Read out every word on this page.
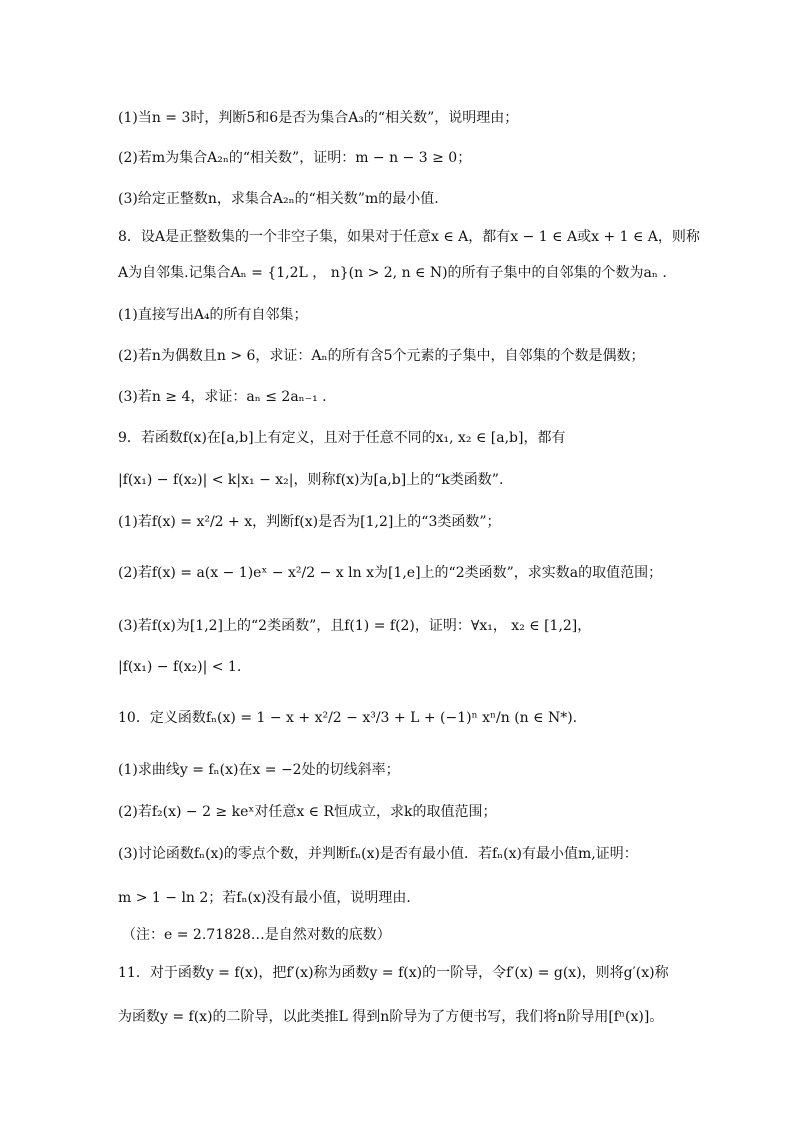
(1)当n = 3时，判断5和6是否为集合A₃的“相关数”，说明理由；
(2)若m为集合A₂ₙ的“相关数”，证明：m − n − 3 ≥ 0；
(3)给定正整数n，求集合A₂ₙ的“相关数”m的最小值.
8．设A是正整数集的一个非空子集，如果对于任意x ∈ A，都有x − 1 ∈ A或x + 1 ∈ A，则称
A为自邻集.记集合Aₙ = {1,2L ， n}(n > 2, n ∈ N)的所有子集中的自邻集的个数为aₙ .
(1)直接写出A₄的所有自邻集；
(2)若n为偶数且n > 6，求证：Aₙ的所有含5个元素的子集中，自邻集的个数是偶数；
(3)若n ≥ 4，求证：aₙ ≤ 2aₙ₋₁ .
9．若函数f(x)在[a,b]上有定义，且对于任意不同的x₁, x₂ ∈ [a,b]，都有
|f(x₁) − f(x₂)| < k|x₁ − x₂|，则称f(x)为[a,b]上的“k类函数”.
(1)若f(x) = x²/2 + x，判断f(x)是否为[1,2]上的“3类函数”；
(2)若f(x) = a(x − 1)eˣ − x²/2 − x ln x为[1,e]上的“2类函数”，求实数a的取值范围；
(3)若f(x)为[1,2]上的“2类函数”，且f(1) = f(2)，证明：∀x₁， x₂ ∈ [1,2]，
|f(x₁) − f(x₂)| < 1.
10．定义函数fₙ(x) = 1 − x + x²/2 − x³/3 + L + (−1)ⁿ xⁿ/n (n ∈ N*).
(1)求曲线y = fₙ(x)在x = −2处的切线斜率；
(2)若f₂(x) − 2 ≥ keˣ对任意x ∈ R恒成立，求k的取值范围；
(3)讨论函数fₙ(x)的零点个数，并判断fₙ(x)是否有最小值．若fₙ(x)有最小值m,证明：
m > 1 − ln 2；若fₙ(x)没有最小值，说明理由．
（注：e = 2.71828…是自然对数的底数）
11．对于函数y = f(x)，把f′(x)称为函数y = f(x)的一阶导，令f′(x) = g(x)，则将g′(x)称
为函数y = f(x)的二阶导，以此类推L 得到n阶导为了方便书写，我们将n阶导用[fⁿ(x)]。
